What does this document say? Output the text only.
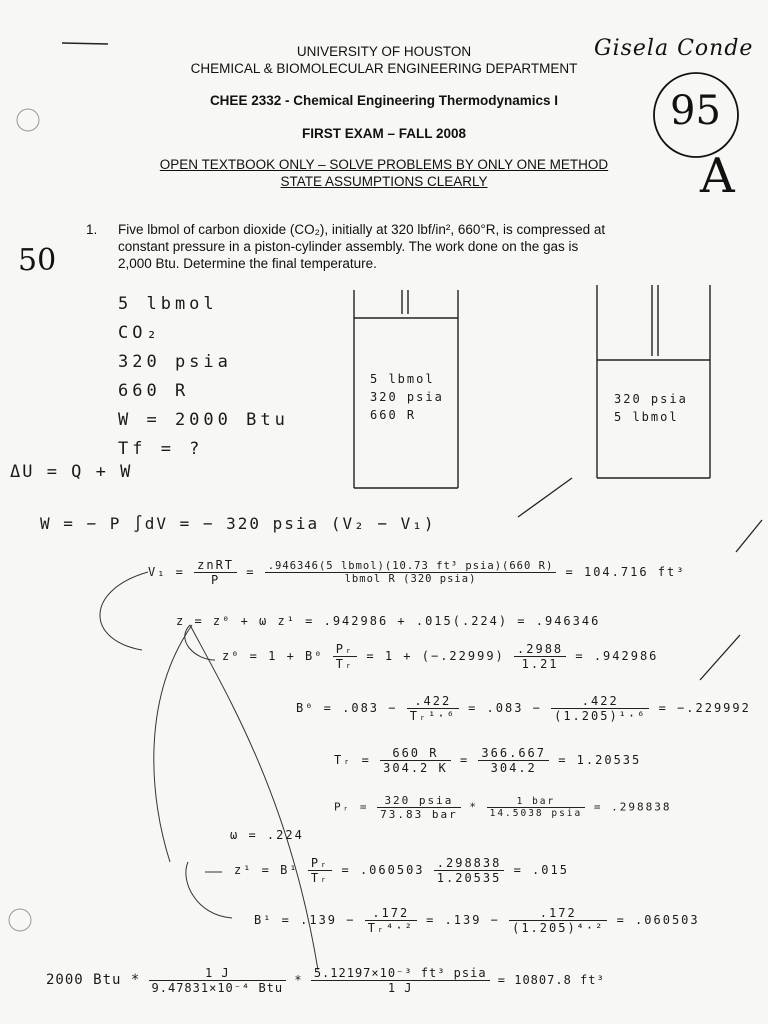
UNIVERSITY OF HOUSTON
CHEMICAL & BIOMOLECULAR ENGINEERING DEPARTMENT
CHEE 2332 - Chemical Engineering Thermodynamics I
FIRST EXAM – FALL 2008
OPEN TEXTBOOK ONLY – SOLVE PROBLEMS BY ONLY ONE METHOD
STATE ASSUMPTIONS CLEARLY
Gisela Conde
95
A
50
1. Five lbmol of carbon dioxide (CO₂), initially at 320 lbf/in², 660°R, is compressed at
constant pressure in a piston-cylinder assembly. The work done on the gas is
2,000 Btu. Determine the final temperature.
5 lbmol
CO₂
320 psia
660 R
W = 2000 Btu
Tf = ?
5 lbmol
320 psia
660 R
320 psia
5 lbmol
ΔU = Q + W
W = − P ∫dV = − 320 psia (V₂ − V₁)
$V_1 = \frac{\text{znRT}}{P} = \frac{\text{.946346(5 lbmol)(10.73 ft³ psia)(660 R)}}{\text{lbmol R (320 psia)}} = 104.716$ ft³
z = z⁰ + ω z¹ = .942986 + .015(.224) = .946346
$z^0 = 1 + B^0 \frac{\text{Pᵣ}}{\text{Tᵣ}} = 1 + (-.22999) \frac{.2988}{1.21} = .942986$
$B^0 = .083 - \frac{.422}{\text{Tᵣ¹·⁶}} = .083 - \frac{.422}{\text{(1.205)¹·⁶}} = -.229992$
Tᵣ = $\frac{660 R}{304.2 K} = \frac{366.667}{304.2} = 1.20535$
Pᵣ = $\frac{\text{320 psia}}{\text{73.83 bar}} * \frac{\text{1 bar}}{\text{14.5038 psia}} = .298838$
ω = .224
$z^1 = B^1 \frac{\text{Pᵣ}}{\text{Tᵣ}} = .060503 \frac{.298838}{1.20535} = .015$
$B^1 = .139 - \frac{.172}{\text{Tᵣ⁴·²}} = .139 - \frac{.172}{\text{(1.205)⁴·²}} = .060503$
2000 Btu * $\frac{1 J}{\text{9.47831×10⁻⁴ Btu}} * \frac{\text{5.12197×10⁻³ ft³ psia}}{1 J} = 10807.8$ ft³
